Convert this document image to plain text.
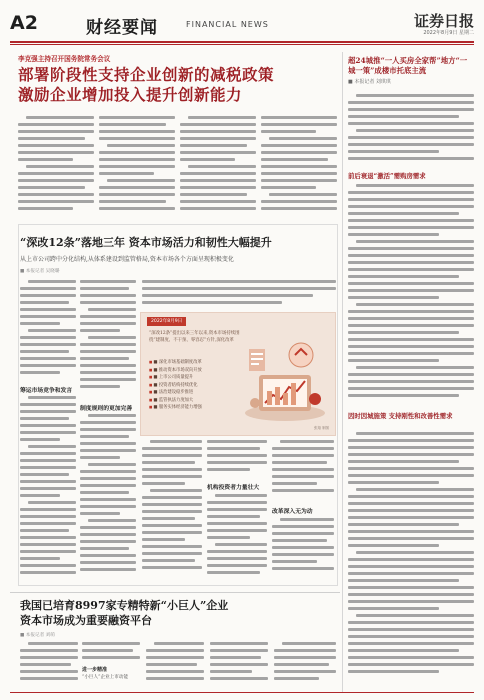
A2	财经要闻	FINANCIAL NEWS	证券日报
2022年8月9日 星期二
李克强主持召开国务院常务会议
部署阶段性支持企业创新的减税政策
激励企业增加投入提升创新能力
超24城推“一人买房全家帮”地方“一城一策”成楼市托底主流
■ 本报记者 刘琪琪
前后衰退“激活”需购房需求
因时因城施策 支持刚性和改善性需求
“深改12条”落地三年 资本市场活力和韧性大幅提升
从上市公司跨中分化结构,从体系建设到监管格局,资本市场各个方面呈现积极变化
■ 本报记者 吴晓璐
筹运市场竞争和发言
制度规则的更加完善
2022年8月9日
“深改12条”提出以来三年以来,资本市场持续围绕“建制度、不干预、零容忍”方针,深化改革
■ ■ 深化市场基础制度改革
■ ■ 推动资本市场双向开放
■ ■ 上市公司质量提升
■ ■ 投资者结构持续优化
■ ■ 法治建设稳步推进
■ ■ 监管执法力度加大
■ ■ 服务实体经济能力增强
张翔 制图
机构投资者力量壮大
改革深入无为动
我国已培育8997家专精特新“小巨人”企业
资本市场成为重要融资平台
■ 本报记者 刘萌
进一步精准
“小巨人”企业上市动能
